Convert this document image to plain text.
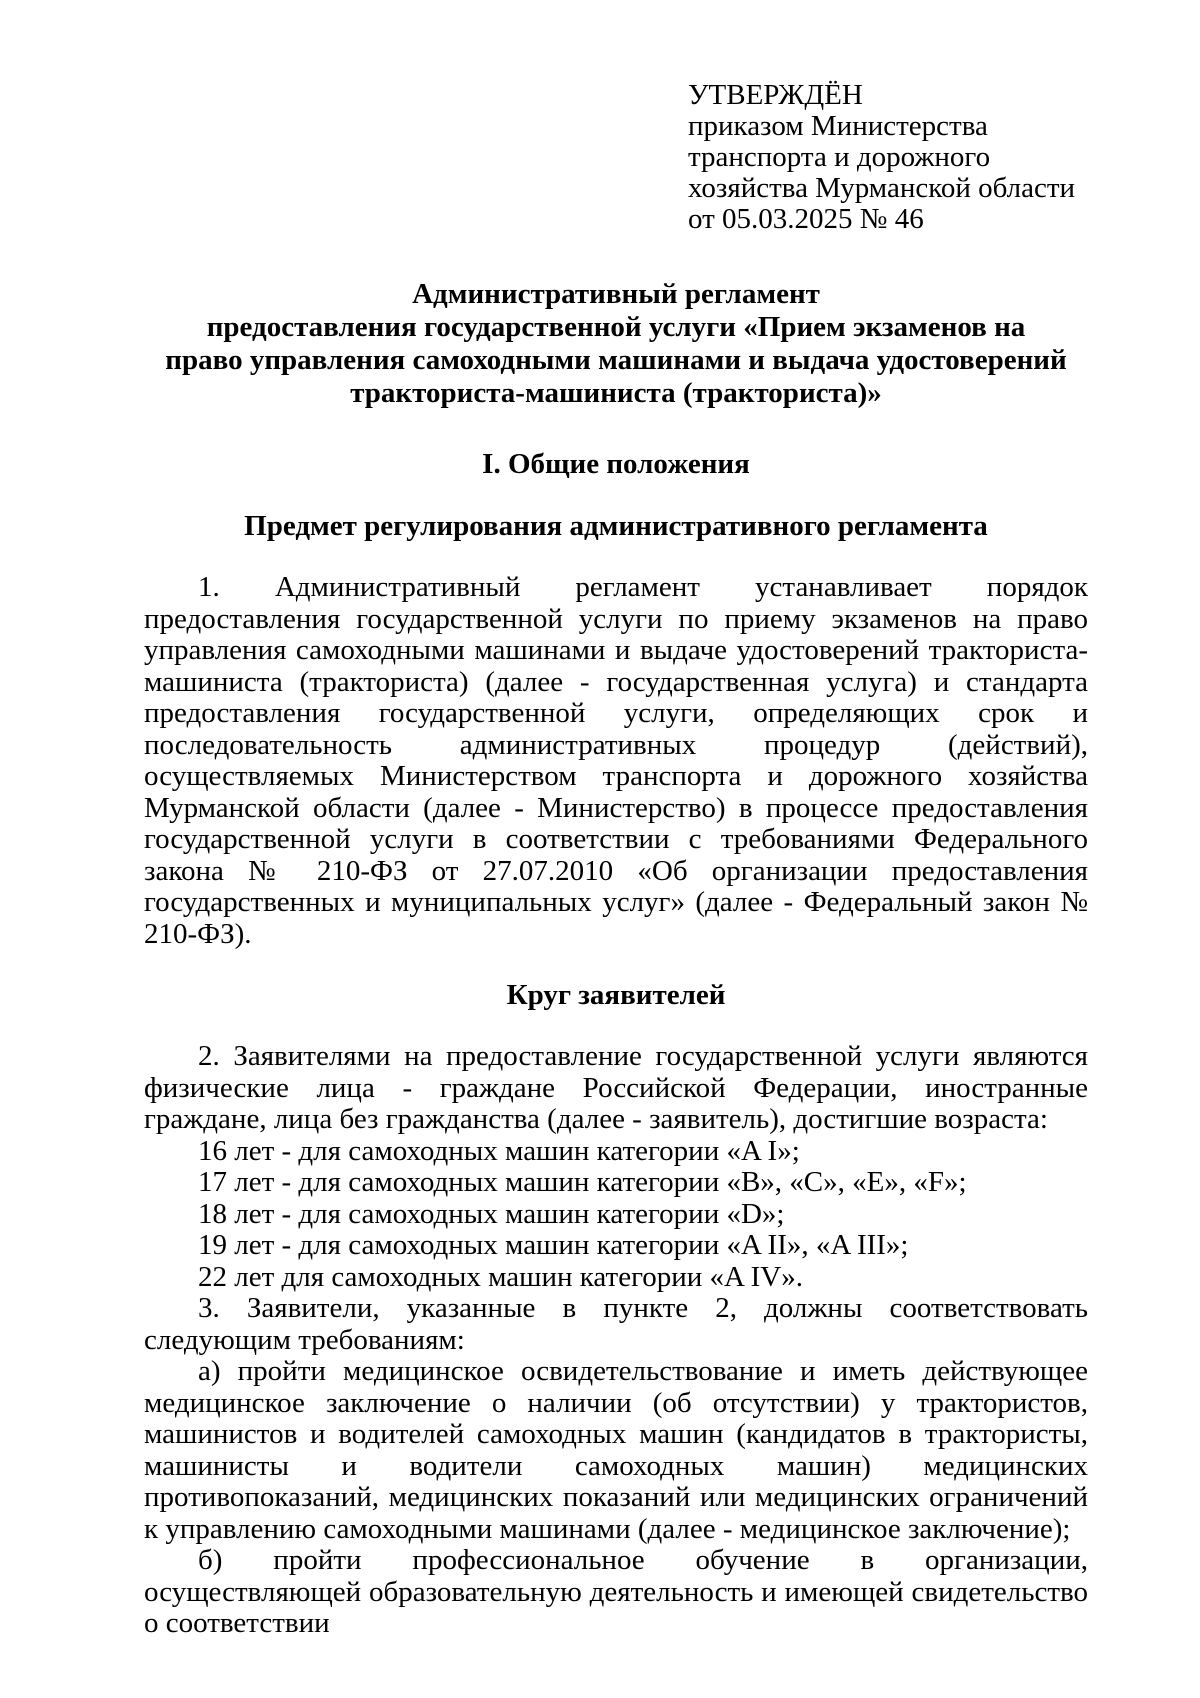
УТВЕРЖДЁН
приказом Министерства
транспорта и дорожного
хозяйства Мурманской области
от 05.03.2025 № 46
Административный регламент
предоставления государственной услуги «Прием экзаменов на
право управления самоходными машинами и выдача удостоверений
тракториста-машиниста (тракториста)»
I. Общие положения
Предмет регулирования административного регламента

1. Административный регламент устанавливает порядок предоставления государственной услуги по приему экзаменов на право управления самоходными машинами и выдаче удостоверений тракториста-машиниста (тракториста) (далее - государственная услуга) и стандарта предоставления государственной услуги, определяющих срок и последовательность административных процедур (действий), осуществляемых Министерством транспорта и дорожного хозяйства Мурманской области (далее - Министерство) в процессе предоставления государственной услуги в соответствии с требованиями Федерального закона № 210-ФЗ от 27.07.2010 «Об организации предоставления государственных и муниципальных услуг» (далее - Федеральный закон № 210-ФЗ).

Круг заявителей

2. Заявителями на предоставление государственной услуги являются физические лица - граждане Российской Федерации, иностранные граждане, лица без гражданства (далее - заявитель), достигшие возраста:

16 лет - для самоходных машин категории «A I»;
17 лет - для самоходных машин категории «B», «C», «E», «F»;
18 лет - для самоходных машин категории «D»;
19 лет - для самоходных машин категории «A II», «A III»;
22 лет для самоходных машин категории «A IV».

3. Заявители, указанные в пункте 2, должны соответствовать следующим требованиям:

а) пройти медицинское освидетельствование и иметь действующее медицинское заключение о наличии (об отсутствии) у трактористов, машинистов и водителей самоходных машин (кандидатов в трактористы, машинисты и водители самоходных машин) медицинских противопоказаний, медицинских показаний или медицинских ограничений к управлению самоходными машинами (далее - медицинское заключение);

б) пройти профессиональное обучение в организации, осуществляющей образовательную деятельность и имеющей свидетельство о соответствии
